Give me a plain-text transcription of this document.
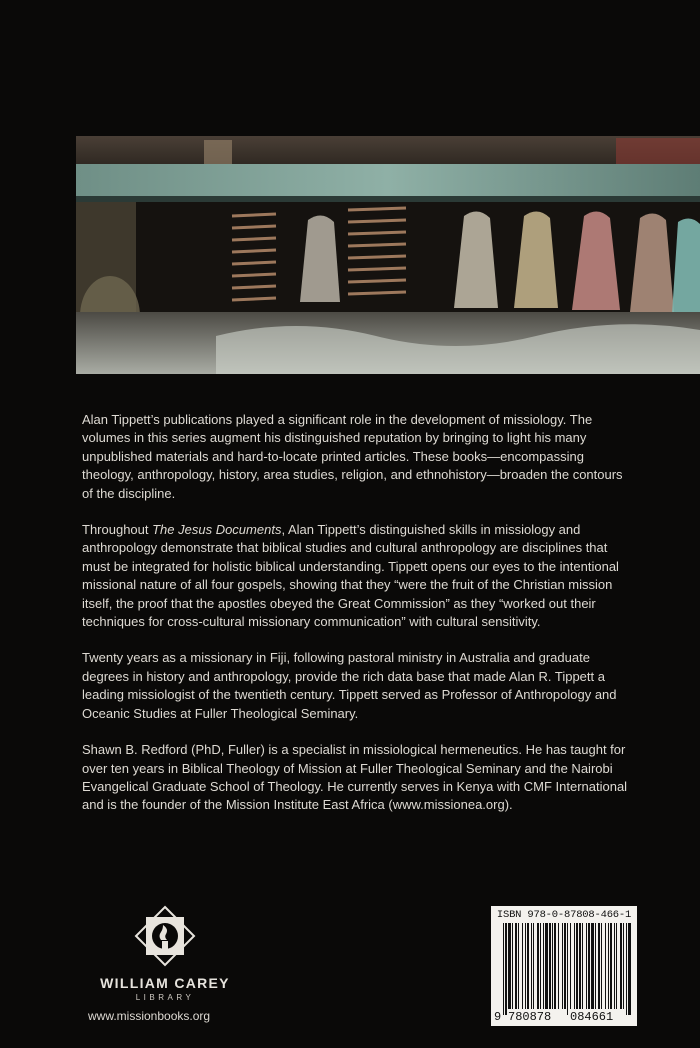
Alan Tippett’s publications played a significant role in the development of missiology. The volumes in this series augment his distinguished reputation by bringing to light his many unpublished materials and hard-to-locate printed articles. These books—encompassing theology, anthropology, history, area studies, religion, and ethnohistory—broaden the contours of the discipline.

Throughout The Jesus Documents, Alan Tippett’s distinguished skills in missiology and anthropology demonstrate that biblical studies and cultural anthropology are disciplines that must be integrated for holistic biblical understanding. Tippett opens our eyes to the intentional missional nature of all four gospels, showing that they “were the fruit of the Christian mission itself, the proof that the apostles obeyed the Great Commission” as they “worked out their techniques for cross-cultural missionary communication” with cultural sensitivity.

Twenty years as a missionary in Fiji, following pastoral ministry in Australia and graduate degrees in history and anthropology, provide the rich data base that made Alan R. Tippett a leading missiologist of the twentieth century. Tippett served as Professor of Anthropology and Oceanic Studies at Fuller Theological Seminary.

Shawn B. Redford (PhD, Fuller) is a specialist in missiological hermeneutics. He has taught for over ten years in Biblical Theology of Mission at Fuller Theological Seminary and the Nairobi Evangelical Graduate School of Theology. He currently serves in Kenya with CMF International and is the founder of the Mission Institute East Africa (www.missionea.org).

WILLIAM CAREY
LIBRARY
www.missionbooks.org
ISBN 978-0-87808-466-1
9 780878 084661
